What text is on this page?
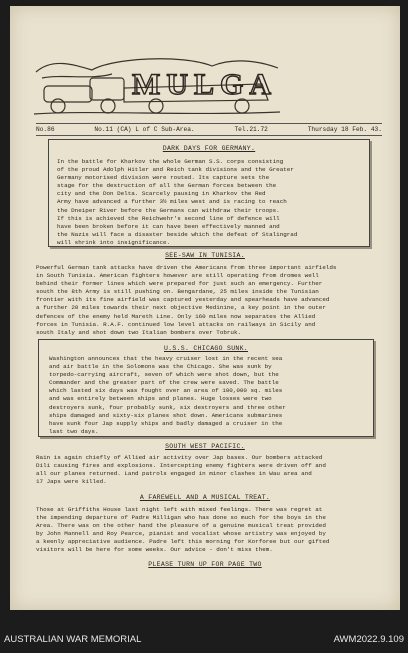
MULGA
No.86	No.11 (CA) L of C Sub-Area.	Tel.21.72	Thursday 18 Feb. 43.
DARK DAYS FOR GERMANY.
In the battle for Kharkov the whole German S.S. corps consisting
of the proud Adolph Hitler and Reich tank divisions and the Greater
Germany motorised division were routed. Its capture sets the
stage for the destruction of all the German forces between the
city and the Don Delta. Scarcely pausing in Kharkov the Red
Army have advanced a further 3½ miles west and is racing to reach
the Dneiper River before the Germans can withdraw their troops.
If this is achieved the Reichwehr's second line of defence will
have been broken before it can have been effectively manned and
the Nazis will face a disaster beside which the defeat of Stalingrad
will shrink into insignificance.
SEE-SAW IN TUNISIA.
Powerful German tank attacks have driven the Americans from three important airfields
in South Tunisia. American fighters however are still operating from dromes well
behind their former lines which were prepared for just such an emergency. Further
south the 8th Army is still pushing on. Bengardane, 25 miles inside the Tunisian
frontier with its fine airfield was captured yesterday and spearheads have advanced
a further 20 miles towards their next objective Medinine, a key point in the outer
defences of the enemy held Mareth Line. Only 160 miles now separates the Allied
forces in Tunisia. R.A.F. continued low level attacks on railways in Sicily and
south Italy and shot down two Italian bombers over Tobruk.
U.S.S. CHICAGO SUNK.
Washington announces that the heavy cruiser lost in the recent sea
and air battle in the Solomons was the Chicago. She was sunk by
torpedo-carrying aircraft, seven of which were shot down, but the
Commander and the greater part of the crew were saved. The battle
which lasted six days was fought over an area of 100,000 sq. miles
and was entirely between ships and planes. Huge losses were two
destroyers sunk, four probably sunk, six destroyers and three other
ships damaged and sixty-six planes shot down. Americans submarines
have sunk four Jap supply ships and badly damaged a cruiser in the
last two days.
SOUTH WEST PACIFIC.
Rain is again chiefly of Allied air activity over Jap bases. Our bombers attacked
Dili causing fires and explosions. Intercepting enemy fighters were driven off and
all our planes returned. Land patrols engaged in minor clashes in Wau area and
17 Japs were killed.
A FAREWELL AND A MUSICAL TREAT.
Those at Griffiths House last night left with mixed feelings. There was regret at
the impending departure of Padre Milligan who has done so much for the boys in the
Area. There was on the other hand the pleasure of a genuine musical treat provided
by John Mannell and Roy Pearce, pianist and vocalist whose artistry was enjoyed by
a keenly appreciative audience. Padre left this morning for Korforee but our gifted
visitors will be here for some weeks. Our advice - don't miss them.
PLEASE TURN UP FOR PAGE TWO
AUSTRALIAN WAR MEMORIAL	AWM2022.9.109
